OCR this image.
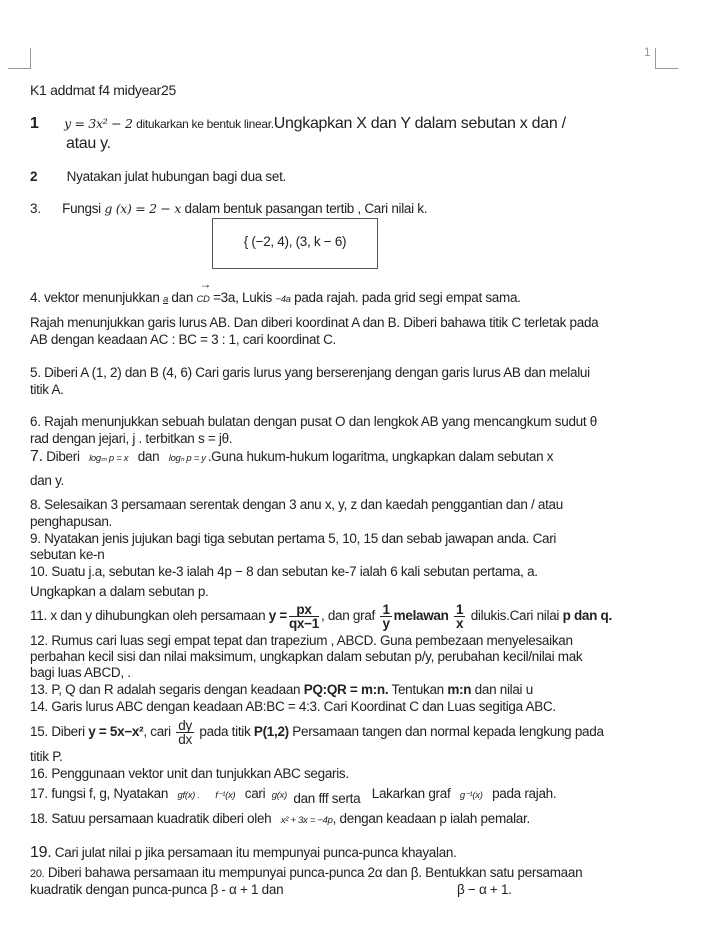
1
K1 addmat f4 midyear25
1 y = 3x² − 2 ditukarkan ke bentuk linear.Ungkapkan X dan Y dalam sebutan x dan /
atau y.
2 Nyatakan julat hubungan bagi dua set.
3. Fungsi g (x) = 2 − x dalam bentuk pasangan tertib , Cari nilai k.
{ (−2, 4), (3, k − 6)
4. vektor menunjukkan a dan
→
CD =3a, Lukis −4a pada rajah. pada grid segi empat sama.
Rajah menunjukkan garis lurus AB. Dan diberi koordinat A dan B. Diberi bahawa titik C terletak pada
AB dengan keadaan AC : BC = 3 : 1, cari koordinat C.
5. Diberi A (1, 2) dan B (4, 6) Cari garis lurus yang berserenjang dengan garis lurus AB dan melalui
titik A.
6. Rajah menunjukkan sebuah bulatan dengan pusat O dan lengkok AB yang mencangkum sudut θ
rad dengan jejari, j . terbitkan s = jθ.
7. Diberi logₘ p = x dan logₙ p = y .Guna hukum-hukum logaritma, ungkapkan dalam sebutan x
dan y.
8. Selesaikan 3 persamaan serentak dengan 3 anu x, y, z dan kaedah penggantian dan / atau
penghapusan.
9. Nyatakan jenis jujukan bagi tiga sebutan pertama 5, 10, 15 dan sebab jawapan anda. Cari
sebutan ke-n
10. Suatu j.a, sebutan ke-3 ialah 4p − 8 dan sebutan ke-7 ialah 6 kali sebutan pertama, a.
Ungkapkan a dalam sebutan p.
11. x dan y dihubungkan oleh persamaan $y = \frac{px}{qx-1}$ , dan graf $\frac{1}{y}$ melawan $\frac{1}{x}$ dilukis.Cari nilai p dan q.
12. Rumus cari luas segi empat tepat dan trapezium , ABCD. Guna pembezaan menyelesaikan
perbahan kecil sisi dan nilai maksimum, ungkapkan dalam sebutan p/y, perubahan kecil/nilai mak
bagi luas ABCD, .
13. P, Q dan R adalah segaris dengan keadaan PQ:QR = m:n. Tentukan m:n dan nilai u
14. Garis lurus ABC dengan keadaan AB:BC = 4:3. Cari Koordinat C dan Luas segitiga ABC.
15. Diberi y = 5x−x², cari $\frac{dy}{dx}$ pada titik P(1,2) Persamaan tangen dan normal kepada lengkung pada
titik P.
16. Penggunaan vektor unit dan tunjukkan ABC segaris.
17. fungsi f, g, Nyatakan gf(x) . f⁻¹(x) cari g(x) dan fff serta Lakarkan graf g⁻¹(x) pada rajah.
18. Satuu persamaan kuadratik diberi oleh x² + 3x = −4p, dengan keadaan p ialah pemalar.
19. Cari julat nilai p jika persamaan itu mempunyai punca-punca khayalan.
20. Diberi bahawa persamaan itu mempunyai punca-punca 2α dan β. Bentukkan satu persamaan
kuadratik dengan punca-punca β - α + 1 dan	β − α + 1.
